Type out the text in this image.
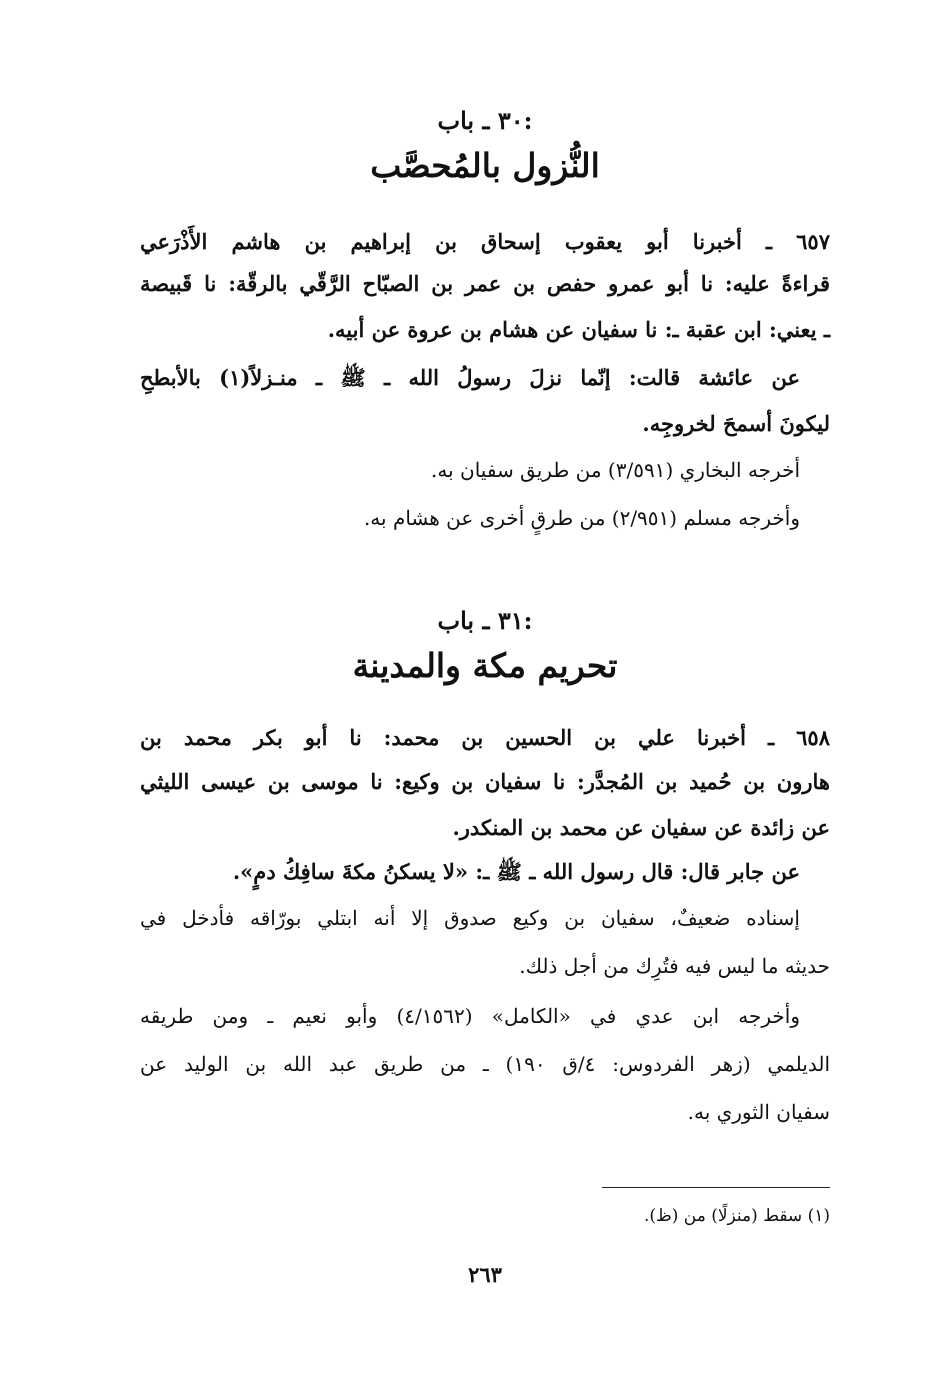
٣٠ ـ باب:
النُّزول بالمُحصَّب
٦٥٧ ـ أخبرنا أبو يعقوب إسحاق بن إبراهيم بن هاشم الأَذْرَعي
قراءةً عليه: نا أبو عمرو حفص بن عمر بن الصبّاح الرَّقّي بالرقّة: نا قَبيصة
ـ يعني: ابن عقبة ـ: نا سفيان عن هشام بن عروة عن أبيه.
عن عائشة قالت: إنّما نزلَ رسولُ الله ـ ﷺ ـ منـزلاً(١) بالأبطحِ
ليكونَ أسمحَ لخروجِه.
أخرجه البخاري (٣/٥٩١) من طريق سفيان به.
وأخرجه مسلم (٢/٩٥١) من طرقٍ أخرى عن هشام به.
٣١ ـ باب:
تحريم مكة والمدينة
٦٥٨ ـ أخبرنا علي بن الحسين بن محمد: نا أبو بكر محمد بن
هارون بن حُميد بن المُجدَّر: نا سفيان بن وكيع: نا موسى بن عيسى الليثي
عن زائدة عن سفيان عن محمد بن المنكدر.
عن جابر قال: قال رسول الله ـ ﷺ ـ: «لا يسكنُ مكةَ سافِكُ دمٍ».
إسناده ضعيفٌ، سفيان بن وكيع صدوق إلا أنه ابتلي بورّاقه فأدخل في
حديثه ما ليس فيه فتُرِك من أجل ذلك.
وأخرجه ابن عدي في «الكامل» (٤/١٥٦٢) وأبو نعيم ـ ومن طريقه
الديلمي (زهر الفردوس: ٤/ق ١٩٠) ـ من طريق عبد الله بن الوليد عن
سفيان الثوري به.
(١) سقط (منزلًا) من (ظ).
٢٦٣
